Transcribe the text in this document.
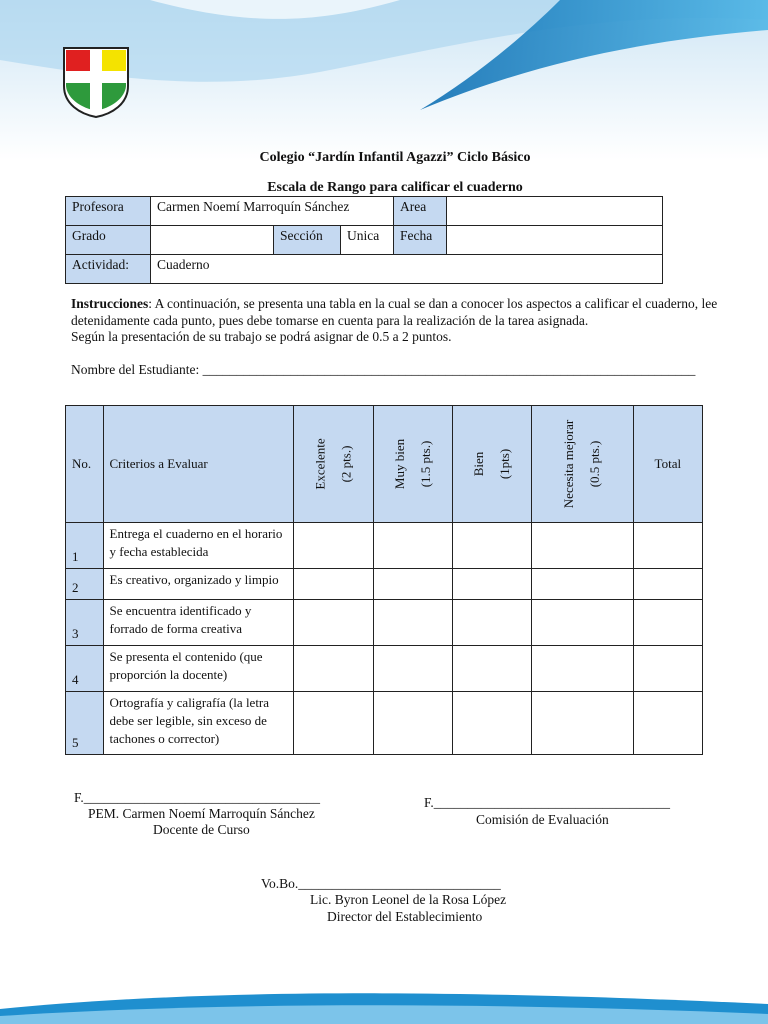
Colegio “Jardín Infantil Agazzi” Ciclo Básico
Escala de Rango para calificar el cuaderno
Profesora	Carmen Noemí Marroquín Sánchez			Area	
Grado		Sección	Unica	Fecha	
Actividad:	Cuaderno				
Instrucciones: A continuación, se presenta una tabla en la cual se dan a conocer los aspectos a calificar el cuaderno, lee detenidamente cada punto, pues debe tomarse en cuenta para la realización de la tarea asignada.
Según la presentación de su trabajo se podrá asignar de 0.5 a 2 puntos.
Nombre del Estudiante: _________________________________________________________________________
No.	Criterios a Evaluar	Excelente (2 pts.)	Muy bien (1.5 pts.)	Bien (1pts)	Necesita mejorar (0.5 pts.)	Total
1	Entrega el cuaderno en el horario y fecha establecida					
2	Es creativo, organizado y limpio					
3	Se encuentra identificado y forrado de forma creativa					
4	Se presenta el contenido (que proporción la docente)					
5	Ortografía y caligrafía (la letra debe ser legible, sin exceso de tachones o corrector)					
F.___________________________________
PEM. Carmen Noemí Marroquín Sánchez
Docente de Curso
F.___________________________________
Comisión de Evaluación
Vo.Bo.______________________________
Lic. Byron Leonel de la Rosa López
Director del Establecimiento
